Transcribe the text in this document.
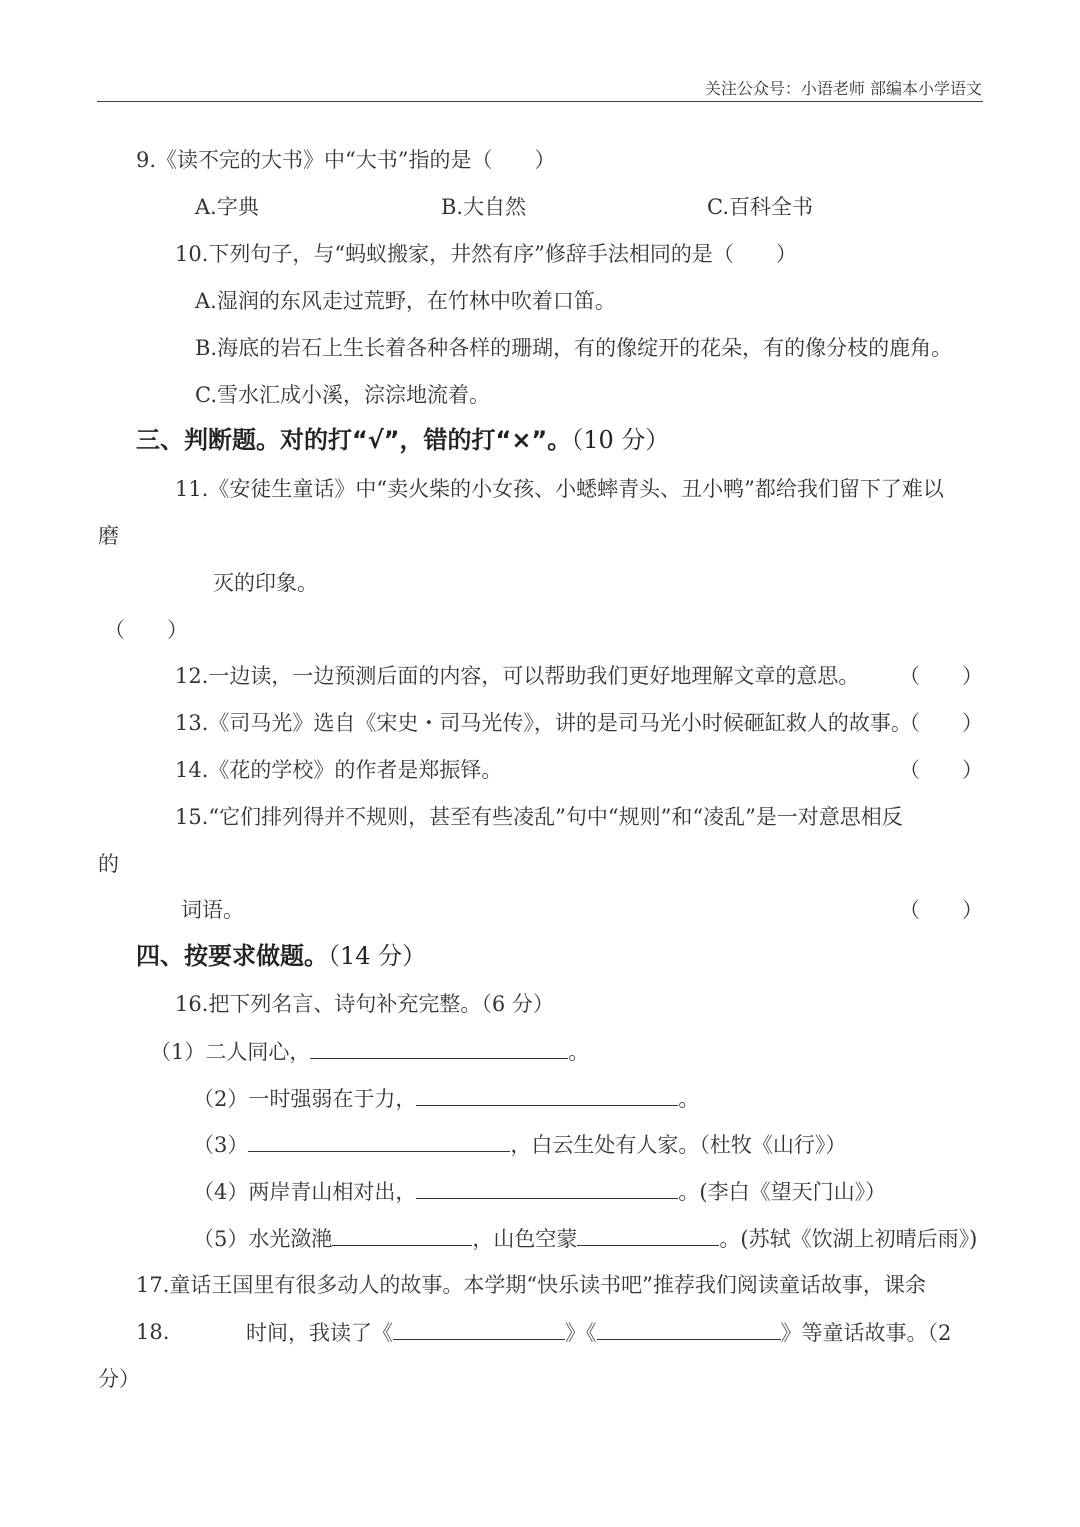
关注公众号：小语老师 部编本小学语文
9.《读不完的大书》中“大书”指的是（　　）
A.字典	B.大自然	C.百科全书
10.下列句子，与“蚂蚁搬家，井然有序”修辞手法相同的是（　　）
A.湿润的东风走过荒野，在竹林中吹着口笛。
B.海底的岩石上生长着各种各样的珊瑚，有的像绽开的花朵，有的像分枝的鹿角。
C.雪水汇成小溪，淙淙地流着。
三、判断题。对的打“√”，错的打“×”。（10 分）
11.《安徒生童话》中“卖火柴的小女孩、小蟋蟀青头、丑小鸭”都给我们留下了难以
磨
灭的印象。
（　　）
12.一边读，一边预测后面的内容，可以帮助我们更好地理解文章的意思。 （　　）
13.《司马光》选自《宋史・司马光传》，讲的是司马光小时候砸缸救人的故事。
（　　）
14.《花的学校》的作者是郑振铎。	（　　）
15.“它们排列得并不规则，甚至有些凌乱”句中“规则”和“凌乱”是一对意思相反
的
词语。	（　　）
四、按要求做题。（14 分）
16.把下列名言、诗句补充完整。（6 分）
（1）二人同心，	。
（2）一时强弱在于力，	。
（3）	，白云生处有人家。（杜牧《山行》）
（4）两岸青山相对出，	。(李白《望天门山》）
（5）水光潋滟	，山色空蒙	。(苏轼《饮湖上初晴后雨》)
17.童话王国里有很多动人的故事。本学期“快乐读书吧”推荐我们阅读童话故事，课余
18.	时间，我读了《	》《	》等童话故事。（2
分）
